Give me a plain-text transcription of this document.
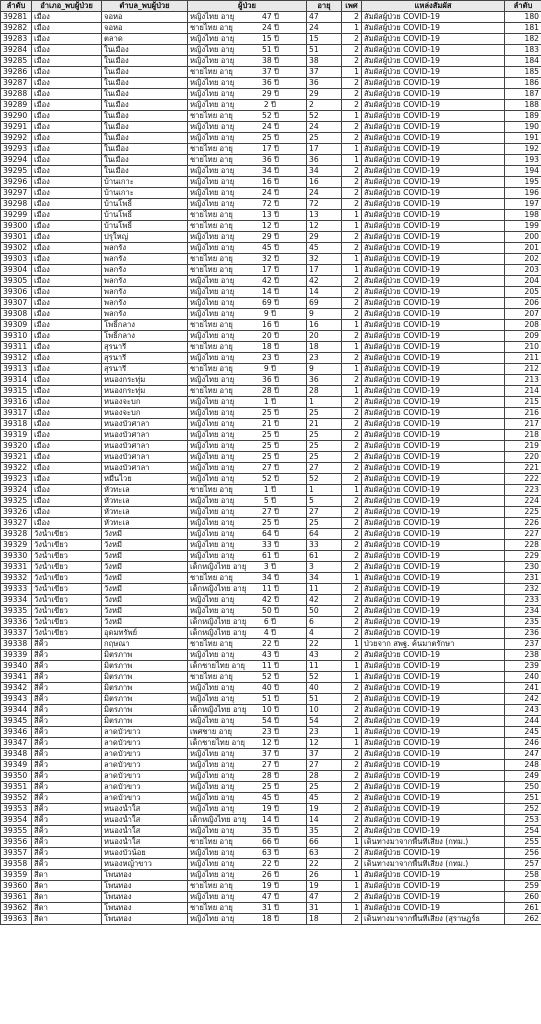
ลำดับ	อำเภอ_พบผู้ป่วย	ตำบล_พบผู้ป่วย	ผู้ป่วย	อายุ	เพศ	แหล่งสัมผัส	ลำดับ
39281	เมือง	จอหอ	หญิงไทย อายุ 47 ปี	47	2	สัมผัสผู้ป่วย COVID-19	180
39282	เมือง	จอหอ	ชายไทย อายุ 24 ปี	24	1	สัมผัสผู้ป่วย COVID-19	181
39283	เมือง	ตลาด	หญิงไทย อายุ 15 ปี	15	2	สัมผัสผู้ป่วย COVID-19	182
39284	เมือง	ในเมือง	หญิงไทย อายุ 51 ปี	51	2	สัมผัสผู้ป่วย COVID-19	183
39285	เมือง	ในเมือง	หญิงไทย อายุ 38 ปี	38	2	สัมผัสผู้ป่วย COVID-19	184
39286	เมือง	ในเมือง	ชายไทย อายุ 37 ปี	37	1	สัมผัสผู้ป่วย COVID-19	185
39287	เมือง	ในเมือง	หญิงไทย อายุ 36 ปี	36	2	สัมผัสผู้ป่วย COVID-19	186
39288	เมือง	ในเมือง	หญิงไทย อายุ 29 ปี	29	2	สัมผัสผู้ป่วย COVID-19	187
39289	เมือง	ในเมือง	หญิงไทย อายุ 2 ปี	2	2	สัมผัสผู้ป่วย COVID-19	188
39290	เมือง	ในเมือง	ชายไทย อายุ 52 ปี	52	1	สัมผัสผู้ป่วย COVID-19	189
39291	เมือง	ในเมือง	หญิงไทย อายุ 24 ปี	24	2	สัมผัสผู้ป่วย COVID-19	190
39292	เมือง	ในเมือง	หญิงไทย อายุ 25 ปี	25	2	สัมผัสผู้ป่วย COVID-19	191
39293	เมือง	ในเมือง	ชายไทย อายุ 17 ปี	17	1	สัมผัสผู้ป่วย COVID-19	192
39294	เมือง	ในเมือง	ชายไทย อายุ 36 ปี	36	1	สัมผัสผู้ป่วย COVID-19	193
39295	เมือง	ในเมือง	หญิงไทย อายุ 34 ปี	34	2	สัมผัสผู้ป่วย COVID-19	194
39296	เมือง	บ้านเกาะ	หญิงไทย อายุ 16 ปี	16	2	สัมผัสผู้ป่วย COVID-19	195
39297	เมือง	บ้านเกาะ	หญิงไทย อายุ 24 ปี	24	2	สัมผัสผู้ป่วย COVID-19	196
39298	เมือง	บ้านโพธิ์	หญิงไทย อายุ 72 ปี	72	2	สัมผัสผู้ป่วย COVID-19	197
39299	เมือง	บ้านโพธิ์	ชายไทย อายุ 13 ปี	13	1	สัมผัสผู้ป่วย COVID-19	198
39300	เมือง	บ้านโพธิ์	ชายไทย อายุ 12 ปี	12	1	สัมผัสผู้ป่วย COVID-19	199
39301	เมือง	ปรุใหญ่	หญิงไทย อายุ 29 ปี	29	2	สัมผัสผู้ป่วย COVID-19	200
39302	เมือง	พลกรัง	หญิงไทย อายุ 45 ปี	45	2	สัมผัสผู้ป่วย COVID-19	201
39303	เมือง	พลกรัง	ชายไทย อายุ 32 ปี	32	1	สัมผัสผู้ป่วย COVID-19	202
39304	เมือง	พลกรัง	ชายไทย อายุ 17 ปี	17	1	สัมผัสผู้ป่วย COVID-19	203
39305	เมือง	พลกรัง	หญิงไทย อายุ 42 ปี	42	2	สัมผัสผู้ป่วย COVID-19	204
39306	เมือง	พลกรัง	หญิงไทย อายุ 14 ปี	14	2	สัมผัสผู้ป่วย COVID-19	205
39307	เมือง	พลกรัง	หญิงไทย อายุ 69 ปี	69	2	สัมผัสผู้ป่วย COVID-19	206
39308	เมือง	พลกรัง	หญิงไทย อายุ 9 ปี	9	2	สัมผัสผู้ป่วย COVID-19	207
39309	เมือง	โพธิ์กลาง	ชายไทย อายุ 16 ปี	16	1	สัมผัสผู้ป่วย COVID-19	208
39310	เมือง	โพธิ์กลาง	หญิงไทย อายุ 20 ปี	20	2	สัมผัสผู้ป่วย COVID-19	209
39311	เมือง	สุรนารี	ชายไทย อายุ 18 ปี	18	1	สัมผัสผู้ป่วย COVID-19	210
39312	เมือง	สุรนารี	หญิงไทย อายุ 23 ปี	23	2	สัมผัสผู้ป่วย COVID-19	211
39313	เมือง	สุรนารี	ชายไทย อายุ 9 ปี	9	1	สัมผัสผู้ป่วย COVID-19	212
39314	เมือง	หนองกระทุ่ม	หญิงไทย อายุ 36 ปี	36	2	สัมผัสผู้ป่วย COVID-19	213
39315	เมือง	หนองกระทุ่ม	ชายไทย อายุ 28 ปี	28	1	สัมผัสผู้ป่วย COVID-19	214
39316	เมือง	หนองจะบก	หญิงไทย อายุ 1 ปี	1	2	สัมผัสผู้ป่วย COVID-19	215
39317	เมือง	หนองจะบก	หญิงไทย อายุ 25 ปี	25	2	สัมผัสผู้ป่วย COVID-19	216
39318	เมือง	หนองบัวศาลา	หญิงไทย อายุ 21 ปี	21	2	สัมผัสผู้ป่วย COVID-19	217
39319	เมือง	หนองบัวศาลา	หญิงไทย อายุ 25 ปี	25	2	สัมผัสผู้ป่วย COVID-19	218
39320	เมือง	หนองบัวศาลา	หญิงไทย อายุ 25 ปี	25	2	สัมผัสผู้ป่วย COVID-19	219
39321	เมือง	หนองบัวศาลา	หญิงไทย อายุ 25 ปี	25	2	สัมผัสผู้ป่วย COVID-19	220
39322	เมือง	หนองบัวศาลา	หญิงไทย อายุ 27 ปี	27	2	สัมผัสผู้ป่วย COVID-19	221
39323	เมือง	หมื่นไวย	หญิงไทย อายุ 52 ปี	52	2	สัมผัสผู้ป่วย COVID-19	222
39324	เมือง	หัวทะเล	ชายไทย อายุ 1 ปี	1	1	สัมผัสผู้ป่วย COVID-19	223
39325	เมือง	หัวทะเล	หญิงไทย อายุ 5 ปี	5	2	สัมผัสผู้ป่วย COVID-19	224
39326	เมือง	หัวทะเล	หญิงไทย อายุ 27 ปี	27	2	สัมผัสผู้ป่วย COVID-19	225
39327	เมือง	หัวทะเล	หญิงไทย อายุ 25 ปี	25	2	สัมผัสผู้ป่วย COVID-19	226
39328	วังน้ำเขียว	วังหมี	หญิงไทย อายุ 64 ปี	64	2	สัมผัสผู้ป่วย COVID-19	227
39329	วังน้ำเขียว	วังหมี	หญิงไทย อายุ 33 ปี	33	2	สัมผัสผู้ป่วย COVID-19	228
39330	วังน้ำเขียว	วังหมี	หญิงไทย อายุ 61 ปี	61	2	สัมผัสผู้ป่วย COVID-19	229
39331	วังน้ำเขียว	วังหมี	เด็กหญิงไทย อายุ 3 ปี	3	2	สัมผัสผู้ป่วย COVID-19	230
39332	วังน้ำเขียว	วังหมี	ชายไทย อายุ 34 ปี	34	1	สัมผัสผู้ป่วย COVID-19	231
39333	วังน้ำเขียว	วังหมี	เด็กหญิงไทย อายุ 11 ปี	11	2	สัมผัสผู้ป่วย COVID-19	232
39334	วังน้ำเขียว	วังหมี	หญิงไทย อายุ 42 ปี	42	2	สัมผัสผู้ป่วย COVID-19	233
39335	วังน้ำเขียว	วังหมี	หญิงไทย อายุ 50 ปี	50	2	สัมผัสผู้ป่วย COVID-19	234
39336	วังน้ำเขียว	วังหมี	เด็กหญิงไทย อายุ 6 ปี	6	2	สัมผัสผู้ป่วย COVID-19	235
39337	วังน้ำเขียว	อุดมทรัพย์	เด็กหญิงไทย อายุ 4 ปี	4	2	สัมผัสผู้ป่วย COVID-19	236
39338	สีคิ้ว	กฤษณา	ชายไทย อายุ 22 ปี	22	1	ป่วยจาก สพฐ. ค้นมาตรักษา	237
39339	สีคิ้ว	มิตรภาพ	หญิงไทย อายุ 43 ปี	43	2	สัมผัสผู้ป่วย COVID-19	238
39340	สีคิ้ว	มิตรภาพ	เด็กชายไทย อายุ 11 ปี	11	1	สัมผัสผู้ป่วย COVID-19	239
39341	สีคิ้ว	มิตรภาพ	ชายไทย อายุ 52 ปี	52	1	สัมผัสผู้ป่วย COVID-19	240
39342	สีคิ้ว	มิตรภาพ	หญิงไทย อายุ 40 ปี	40	2	สัมผัสผู้ป่วย COVID-19	241
39343	สีคิ้ว	มิตรภาพ	หญิงไทย อายุ 51 ปี	51	2	สัมผัสผู้ป่วย COVID-19	242
39344	สีคิ้ว	มิตรภาพ	เด็กหญิงไทย อายุ 10 ปี	10	2	สัมผัสผู้ป่วย COVID-19	243
39345	สีคิ้ว	มิตรภาพ	หญิงไทย อายุ 54 ปี	54	2	สัมผัสผู้ป่วย COVID-19	244
39346	สีคิ้ว	ลาดบัวขาว	เพศชาย อายุ 23 ปี	23	1	สัมผัสผู้ป่วย COVID-19	245
39347	สีคิ้ว	ลาดบัวขาว	เด็กชายไทย อายุ 12 ปี	12	1	สัมผัสผู้ป่วย COVID-19	246
39348	สีคิ้ว	ลาดบัวขาว	หญิงไทย อายุ 37 ปี	37	2	สัมผัสผู้ป่วย COVID-19	247
39349	สีคิ้ว	ลาดบัวขาว	หญิงไทย อายุ 27 ปี	27	2	สัมผัสผู้ป่วย COVID-19	248
39350	สีคิ้ว	ลาดบัวขาว	หญิงไทย อายุ 28 ปี	28	2	สัมผัสผู้ป่วย COVID-19	249
39351	สีคิ้ว	ลาดบัวขาว	หญิงไทย อายุ 25 ปี	25	2	สัมผัสผู้ป่วย COVID-19	250
39352	สีคิ้ว	ลาดบัวขาว	หญิงไทย อายุ 45 ปี	45	2	สัมผัสผู้ป่วย COVID-19	251
39353	สีคิ้ว	หนองน้ำใส	หญิงไทย อายุ 19 ปี	19	2	สัมผัสผู้ป่วย COVID-19	252
39354	สีคิ้ว	หนองน้ำใส	เด็กหญิงไทย อายุ 14 ปี	14	2	สัมผัสผู้ป่วย COVID-19	253
39355	สีคิ้ว	หนองน้ำใส	หญิงไทย อายุ 35 ปี	35	2	สัมผัสผู้ป่วย COVID-19	254
39356	สีคิ้ว	หนองน้ำใส	ชายไทย อายุ 66 ปี	66	1	เดินทางมาจากพื้นที่เสี่ยง (กทม.)	255
39357	สีคิ้ว	หนองบัวน้อย	หญิงไทย อายุ 63 ปี	63	2	สัมผัสผู้ป่วย COVID-19	256
39358	สีคิ้ว	หนองหญ้าขาว	หญิงไทย อายุ 22 ปี	22	2	เดินทางมาจากพื้นที่เสี่ยง (กทม.)	257
39359	สีดา	โพนทอง	หญิงไทย อายุ 26 ปี	26	1	สัมผัสผู้ป่วย COVID-19	258
39360	สีดา	โพนทอง	ชายไทย อายุ 19 ปี	19	1	สัมผัสผู้ป่วย COVID-19	259
39361	สีดา	โพนทอง	หญิงไทย อายุ 47 ปี	47	2	สัมผัสผู้ป่วย COVID-19	260
39362	สีดา	โพนทอง	ชายไทย อายุ 31 ปี	31	1	สัมผัสผู้ป่วย COVID-19	261
39363	สีดา	โพนทอง	หญิงไทย อายุ 18 ปี	18	2	เดินทางมาจากพื้นที่เสี่ยง (สุราษฎร์ธ	262
